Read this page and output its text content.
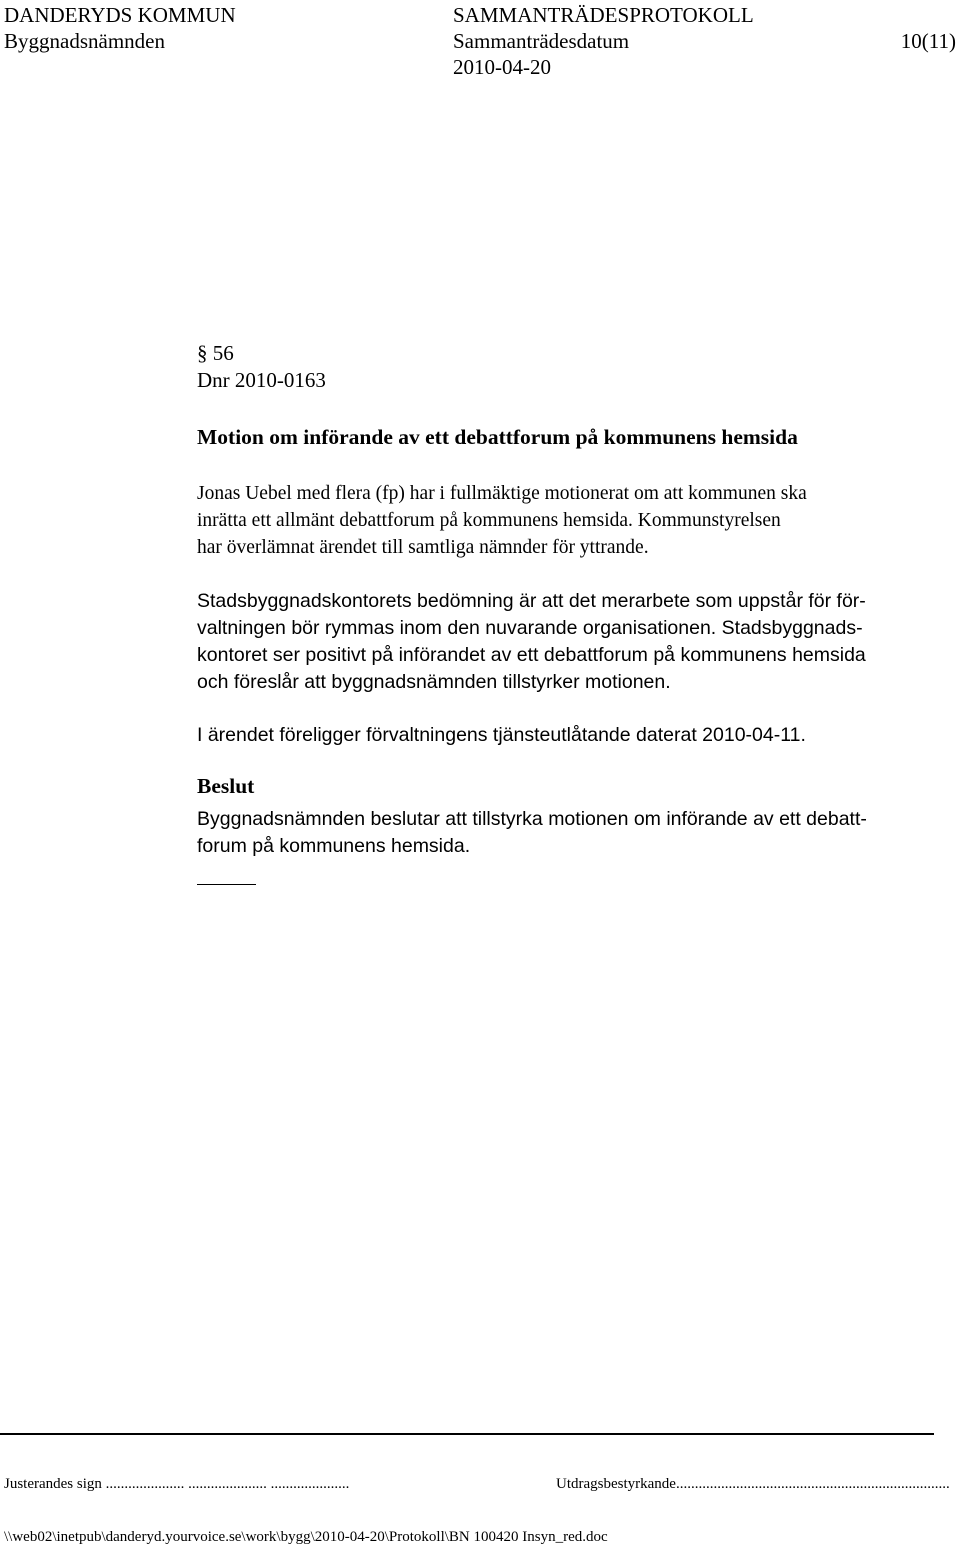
DANDERYDS KOMMUN
Byggnadsnämnden
SAMMANTRÄDESPROTOKOLL
Sammanträdesdatum
2010-04-20
10(11)
§ 56
Dnr 2010-0163
Motion om införande av ett debattforum på kommunens hemsida
Jonas Uebel med flera (fp) har i fullmäktige motionerat om att kommunen ska
inrätta ett allmänt debattforum på kommunens hemsida. Kommunstyrelsen
har överlämnat ärendet till samtliga nämnder för yttrande.
Stadsbyggnadskontorets bedömning är att det merarbete som uppstår för för-
valtningen bör rymmas inom den nuvarande organisationen. Stadsbyggnads-
kontoret ser positivt på införandet av ett debattforum på kommunens hemsida
och föreslår att byggnadsnämnden tillstyrker motionen.
I ärendet föreligger förvaltningens tjänsteutlåtande daterat 2010-04-11.
Beslut
Byggnadsnämnden beslutar att tillstyrka motionen om införande av ett debatt-
forum på kommunens hemsida.
Justerandes sign ..................... ..................... .....................	Utdragsbestyrkande.........................................................................
\\web02\inetpub\danderyd.yourvoice.se\work\bygg\2010-04-20\Protokoll\BN 100420 Insyn_red.doc
